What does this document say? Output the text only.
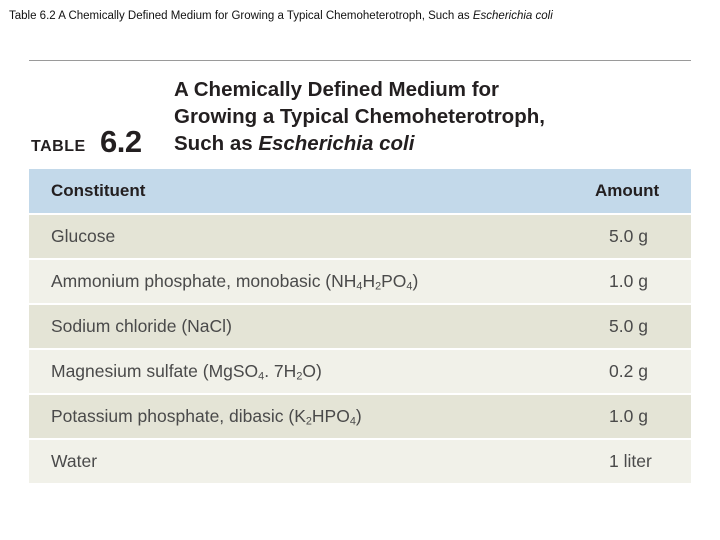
Table 6.2 A Chemically Defined Medium for Growing a Typical Chemoheterotroph, Such as Escherichia coli
TABLE 6.2
A Chemically Defined Medium for
Growing a Typical Chemoheterotroph,
Such as Escherichia coli
Constituent	Amount
Glucose	5.0 g
Ammonium phosphate, monobasic $(NH_4H_2PO_4)$	1.0 g
Sodium chloride (NaCl)	5.0 g
Magnesium sulfate (MgSO$_4$. $7H_2O$)	0.2 g
Potassium phosphate, dibasic $(K_2HPO_4)$	1.0 g
Water	1 liter
